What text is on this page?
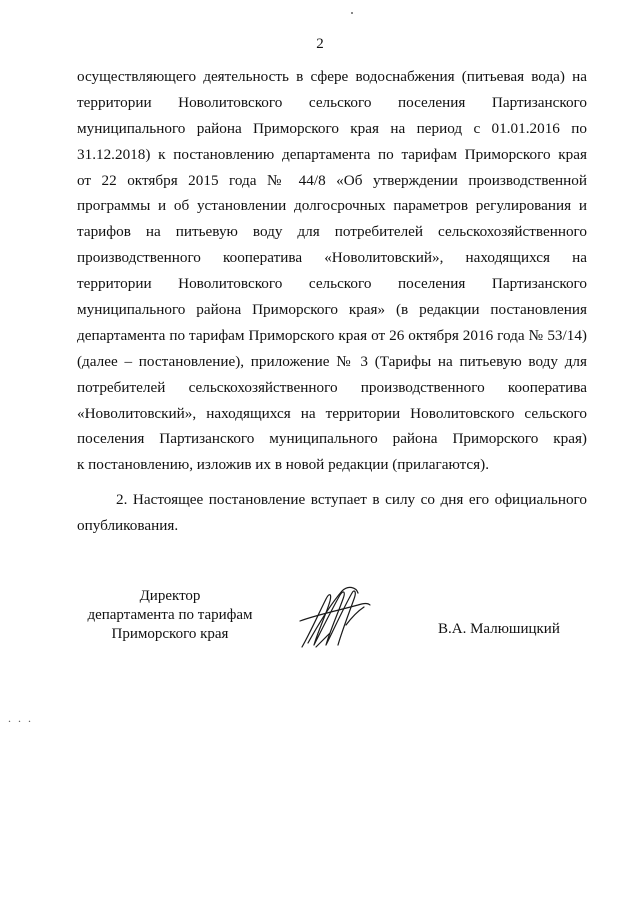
2
осуществляющего деятельность в сфере водоснабжения (питьевая вода) на
территории Новолитовского сельского поселения Партизанского
муниципального района Приморского края на период с 01.01.2016 по
31.12.2018) к постановлению департамента по тарифам Приморского края
от 22 октября 2015 года № 44/8 «Об утверждении производственной
программы и об установлении долгосрочных параметров регулирования и
тарифов на питьевую воду для потребителей сельскохозяйственного
производственного кооператива «Новолитовский», находящихся на
территории Новолитовского сельского поселения Партизанского
муниципального района Приморского края» (в редакции постановления
департамента по тарифам Приморского края от 26 октября 2016 года № 53/14)
(далее – постановление), приложение № 3 (Тарифы на питьевую воду для
потребителей сельскохозяйственного производственного кооператива
«Новолитовский», находящихся на территории Новолитовского сельского
поселения Партизанского муниципального района Приморского края)
к постановлению, изложив их в новой редакции (прилагаются).
2. Настоящее постановление вступает в силу со дня его официального
опубликования.
Директор
департамента по тарифам
Приморского края	В.А. Малюшицкий
. . .
